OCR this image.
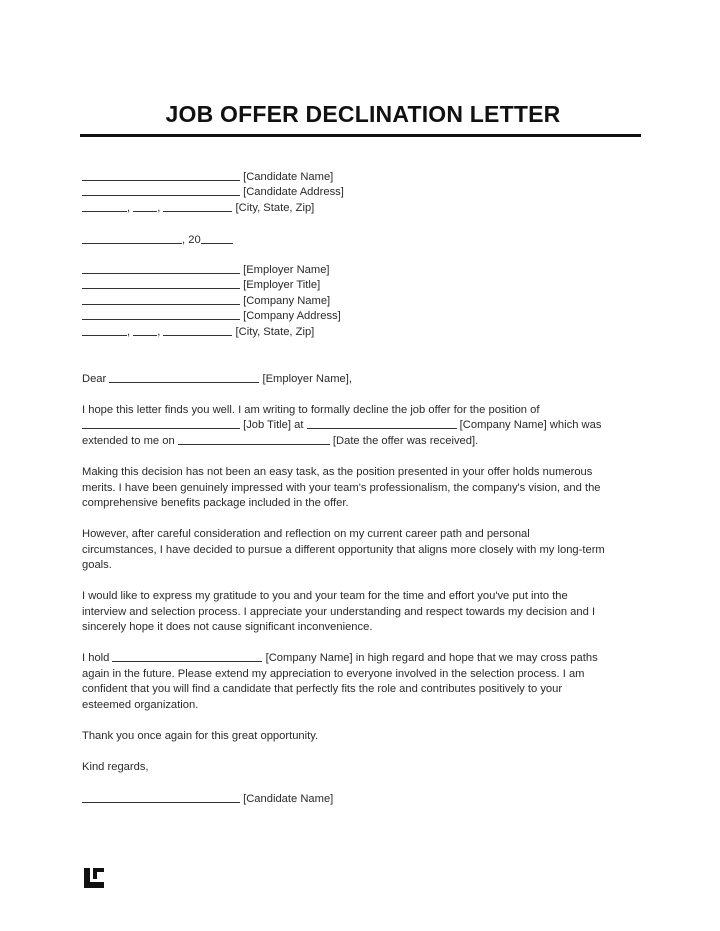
JOB OFFER DECLINATION LETTER
[Candidate Name]
[Candidate Address]
, ,	[City, State, Zip]
, 20
[Employer Name]
[Employer Title]
[Company Name]
[Company Address]
, ,	[City, State, Zip]
Dear	[Employer Name],
I hope this letter finds you well. I am writing to formally decline the job offer for the position of
[Job Title] at	[Company Name] which was
extended to me on	[Date the offer was received].
Making this decision has not been an easy task, as the position presented in your offer holds numerous
merits. I have been genuinely impressed with your team's professionalism, the company's vision, and the
comprehensive benefits package included in the offer.
However, after careful consideration and reflection on my current career path and personal
circumstances, I have decided to pursue a different opportunity that aligns more closely with my long-term
goals.
I would like to express my gratitude to you and your team for the time and effort you've put into the
interview and selection process. I appreciate your understanding and respect towards my decision and I
sincerely hope it does not cause significant inconvenience.
I hold	[Company Name] in high regard and hope that we may cross paths
again in the future. Please extend my appreciation to everyone involved in the selection process. I am
confident that you will find a candidate that perfectly fits the role and contributes positively to your
esteemed organization.
Thank you once again for this great opportunity.
Kind regards,
[Candidate Name]
